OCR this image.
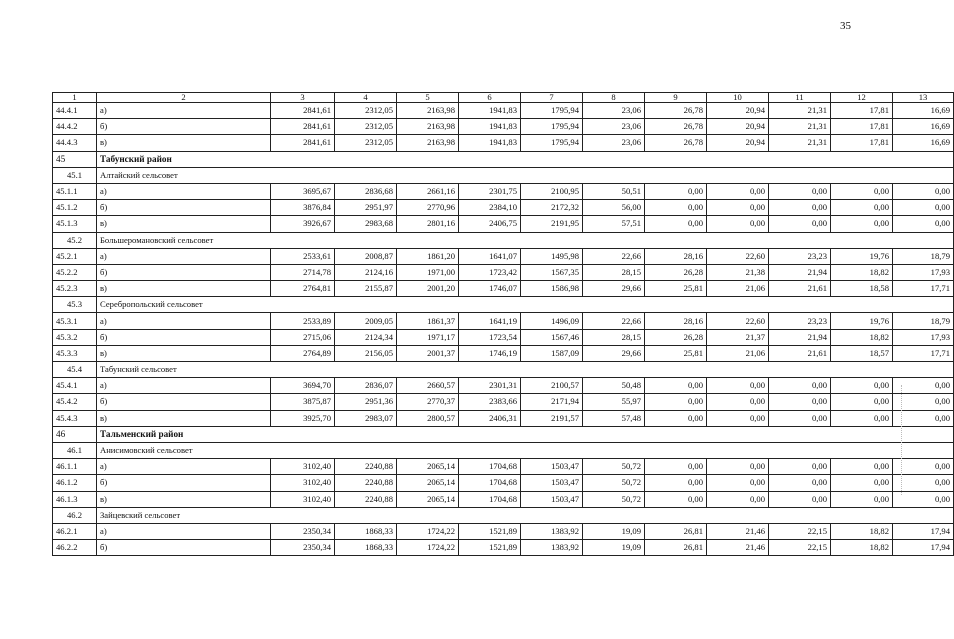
35
1	2	3	4	5	6	7	8	9	10	11	12	13
44.4.1	а)	2841,61	2312,05	2163,98	1941,83	1795,94	23,06	26,78	20,94	21,31	17,81	16,69
44.4.2	б)	2841,61	2312,05	2163,98	1941,83	1795,94	23,06	26,78	20,94	21,31	17,81	16,69
44.4.3	в)	2841,61	2312,05	2163,98	1941,83	1795,94	23,06	26,78	20,94	21,31	17,81	16,69
45	Табунский район											
45.1	Алтайский сельсовет											
45.1.1	а)	3695,67	2836,68	2661,16	2301,75	2100,95	50,51	0,00	0,00	0,00	0,00	0,00
45.1.2	б)	3876,84	2951,97	2770,96	2384,10	2172,32	56,00	0,00	0,00	0,00	0,00	0,00
45.1.3	в)	3926,67	2983,68	2801,16	2406,75	2191,95	57,51	0,00	0,00	0,00	0,00	0,00
45.2	Большероманoвский сельсовет											
45.2.1	а)	2533,61	2008,87	1861,20	1641,07	1495,98	22,66	28,16	22,60	23,23	19,76	18,79
45.2.2	б)	2714,78	2124,16	1971,00	1723,42	1567,35	28,15	26,28	21,38	21,94	18,82	17,93
45.2.3	в)	2764,81	2155,87	2001,20	1746,07	1586,98	29,66	25,81	21,06	21,61	18,58	17,71
45.3	Серебропольский сельсовет											
45.3.1	а)	2533,89	2009,05	1861,37	1641,19	1496,09	22,66	28,16	22,60	23,23	19,76	18,79
45.3.2	б)	2715,06	2124,34	1971,17	1723,54	1567,46	28,15	26,28	21,37	21,94	18,82	17,93
45.3.3	в)	2764,89	2156,05	2001,37	1746,19	1587,09	29,66	25,81	21,06	21,61	18,57	17,71
45.4	Табунский сельсовет											
45.4.1	а)	3694,70	2836,07	2660,57	2301,31	2100,57	50,48	0,00	0,00	0,00	0,00	0,00
45.4.2	б)	3875,87	2951,36	2770,37	2383,66	2171,94	55,97	0,00	0,00	0,00	0,00	0,00
45.4.3	в)	3925,70	2983,07	2800,57	2406,31	2191,57	57,48	0,00	0,00	0,00	0,00	0,00
46	Тальменский район											
46.1	Анисимовский сельсовет											
46.1.1	а)	3102,40	2240,88	2065,14	1704,68	1503,47	50,72	0,00	0,00	0,00	0,00	0,00
46.1.2	б)	3102,40	2240,88	2065,14	1704,68	1503,47	50,72	0,00	0,00	0,00	0,00	0,00
46.1.3	в)	3102,40	2240,88	2065,14	1704,68	1503,47	50,72	0,00	0,00	0,00	0,00	0,00
46.2	Зайцевский сельсовет											
46.2.1	а)	2350,34	1868,33	1724,22	1521,89	1383,92	19,09	26,81	21,46	22,15	18,82	17,94
46.2.2	б)	2350,34	1868,33	1724,22	1521,89	1383,92	19,09	26,81	21,46	22,15	18,82	17,94
